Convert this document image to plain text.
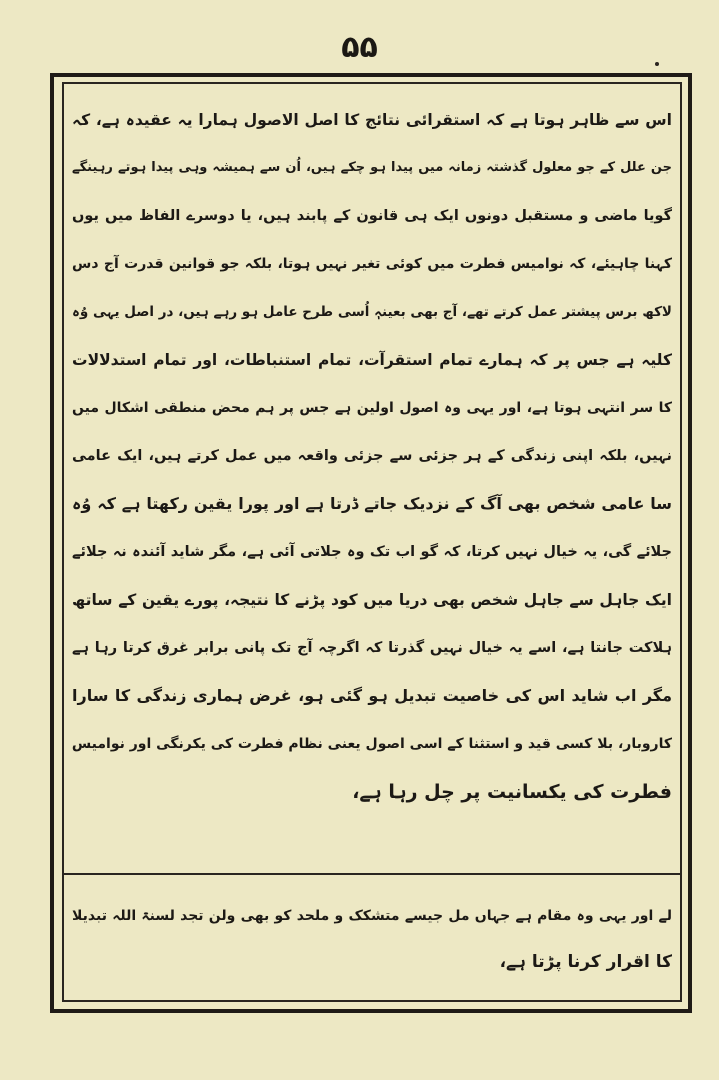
۵۵
اس سے ظاہر ہوتا ہے کہ استقرائی نتائج کا اصل الاصول ہمارا یہ عقیدہ ہے، کہ
جن علل کے جو معلول گذشتہ زمانہ میں پیدا ہو چکے ہیں، اُن سے ہمیشہ وہی پیدا ہوتے رہینگے
گویا ماضی و مستقبل دونوں ایک ہی قانون کے پابند ہیں، یا دوسرے الفاظ میں یوں
کہنا چاہیئے، کہ نوامیس فطرت میں کوئی تغیر نہیں ہوتا، بلکہ جو قوانین قدرت آج دس
لاکھ برس پیشتر عمل کرتے تھے، آج بھی بعینہٖ اُسی طرح عامل ہو رہے ہیں، در اصل یہی وُہ
کلیہ ہے جس پر کہ ہمارے تمام استقرآت، تمام استنباطات، اور تمام استدلالات
کا سر انتہی ہوتا ہے، اور یہی وہ اصول اولین ہے جس پر ہم محض منطقی اشکال میں
نہیں، بلکہ اپنی زندگی کے ہر جزئی سے جزئی واقعہ میں عمل کرتے ہیں، ایک عامی
سا عامی شخص بھی آگ کے نزدیک جاتے ڈرتا ہے اور پورا یقین رکھتا ہے کہ وُہ
جلائے گی، یہ خیال نہیں کرتا، کہ گو اب تک وہ جلاتی آئی ہے، مگر شاید آئندہ نہ جلائے
ایک جاہل سے جاہل شخص بھی دریا میں کود پڑنے کا نتیجہ، پورے یقین کے ساتھ
ہلاکت جانتا ہے، اسے یہ خیال نہیں گذرتا کہ اگرچہ آج تک پانی برابر غرق کرتا رہا ہے
مگر اب شاید اس کی خاصیت تبدیل ہو گئی ہو، غرض ہماری زندگی کا سارا
کاروبار، بلا کسی قید و استثنا کے اسی اصول یعنی نظام فطرت کی یکرنگی اور نوامیس
فطرت کی یکسانیت پر چل رہا ہے،
لے اور یہی وہ مقام ہے جہاں مل جیسے متشکک و ملحد کو بھی ولن تجد لسنۃ اللہ تبدیلا
کا اقرار کرنا پڑتا ہے،
